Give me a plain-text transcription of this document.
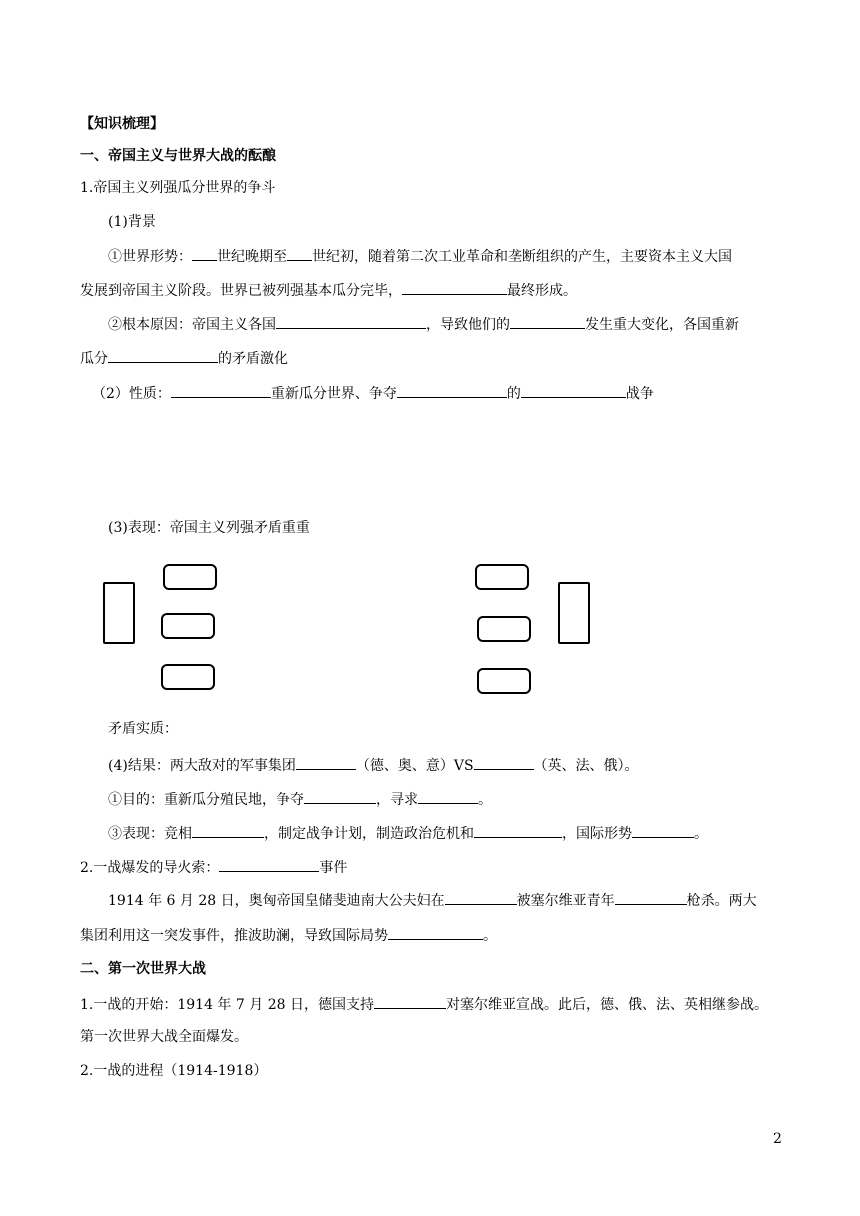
【知识梳理】
一、帝国主义与世界大战的酝酿
1.帝国主义列强瓜分世界的争斗
(1)背景
①世界形势： 世纪晚期至 世纪初，随着第二次工业革命和垄断组织的产生，主要资本主义大国
发展到帝国主义阶段。世界已被列强基本瓜分完毕，	最终形成。
②根本原因：帝国主义各国	，导致他们的	发生重大变化，各国重新
瓜分	的矛盾激化
（2）性质：	重新瓜分世界、争夺	的	战争
(3)表现：帝国主义列强矛盾重重
矛盾实质：
(4)结果：两大敌对的军事集团	（德、奥、意）VS	（英、法、俄）。
①目的：重新瓜分殖民地，争夺	，寻求	。
③表现：竞相	，制定战争计划，制造政治危机和	，国际形势	。
2.一战爆发的导火索：	事件
1914 年 6 月 28 日，奥匈帝国皇储斐迪南大公夫妇在	被塞尔维亚青年	枪杀。两大
集团利用这一突发事件，推波助澜，导致国际局势	。
二、第一次世界大战
1.一战的开始：1914 年 7 月 28 日，德国支持	对塞尔维亚宣战。此后，德、俄、法、英相继参战。
第一次世界大战全面爆发。
2.一战的进程（1914-1918）
2
